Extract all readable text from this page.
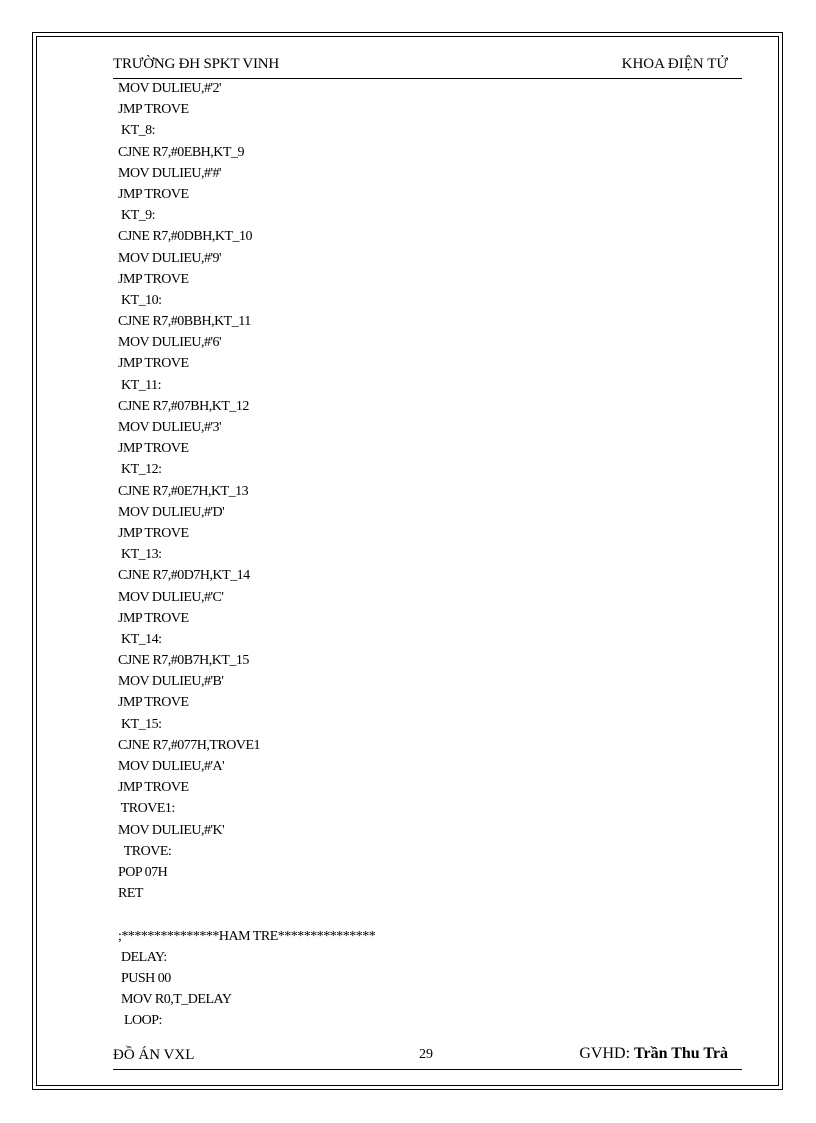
TRƯỜNG ĐH SPKT VINH	KHOA ĐIỆN TỬ
MOV DULIEU,#'2'
JMP TROVE
KT_8:
CJNE R7,#0EBH,KT_9
MOV DULIEU,#'#'
JMP TROVE
KT_9:
CJNE R7,#0DBH,KT_10
MOV DULIEU,#'9'
JMP TROVE
KT_10:
CJNE R7,#0BBH,KT_11
MOV DULIEU,#'6'
JMP TROVE
KT_11:
CJNE R7,#07BH,KT_12
MOV DULIEU,#'3'
JMP TROVE
KT_12:
CJNE R7,#0E7H,KT_13
MOV DULIEU,#'D'
JMP TROVE
KT_13:
CJNE R7,#0D7H,KT_14
MOV DULIEU,#'C'
JMP TROVE
KT_14:
CJNE R7,#0B7H,KT_15
MOV DULIEU,#'B'
JMP TROVE
KT_15:
CJNE R7,#077H,TROVE1
MOV DULIEU,#'A'
JMP TROVE
TROVE1:
MOV DULIEU,#'K'
TROVE:
POP 07H
RET
;***************HAM TRE***************
DELAY:
PUSH 00
MOV R0,T_DELAY
LOOP:
ĐỒ ÁN VXL	29	GVHD: Trần Thu Trà
